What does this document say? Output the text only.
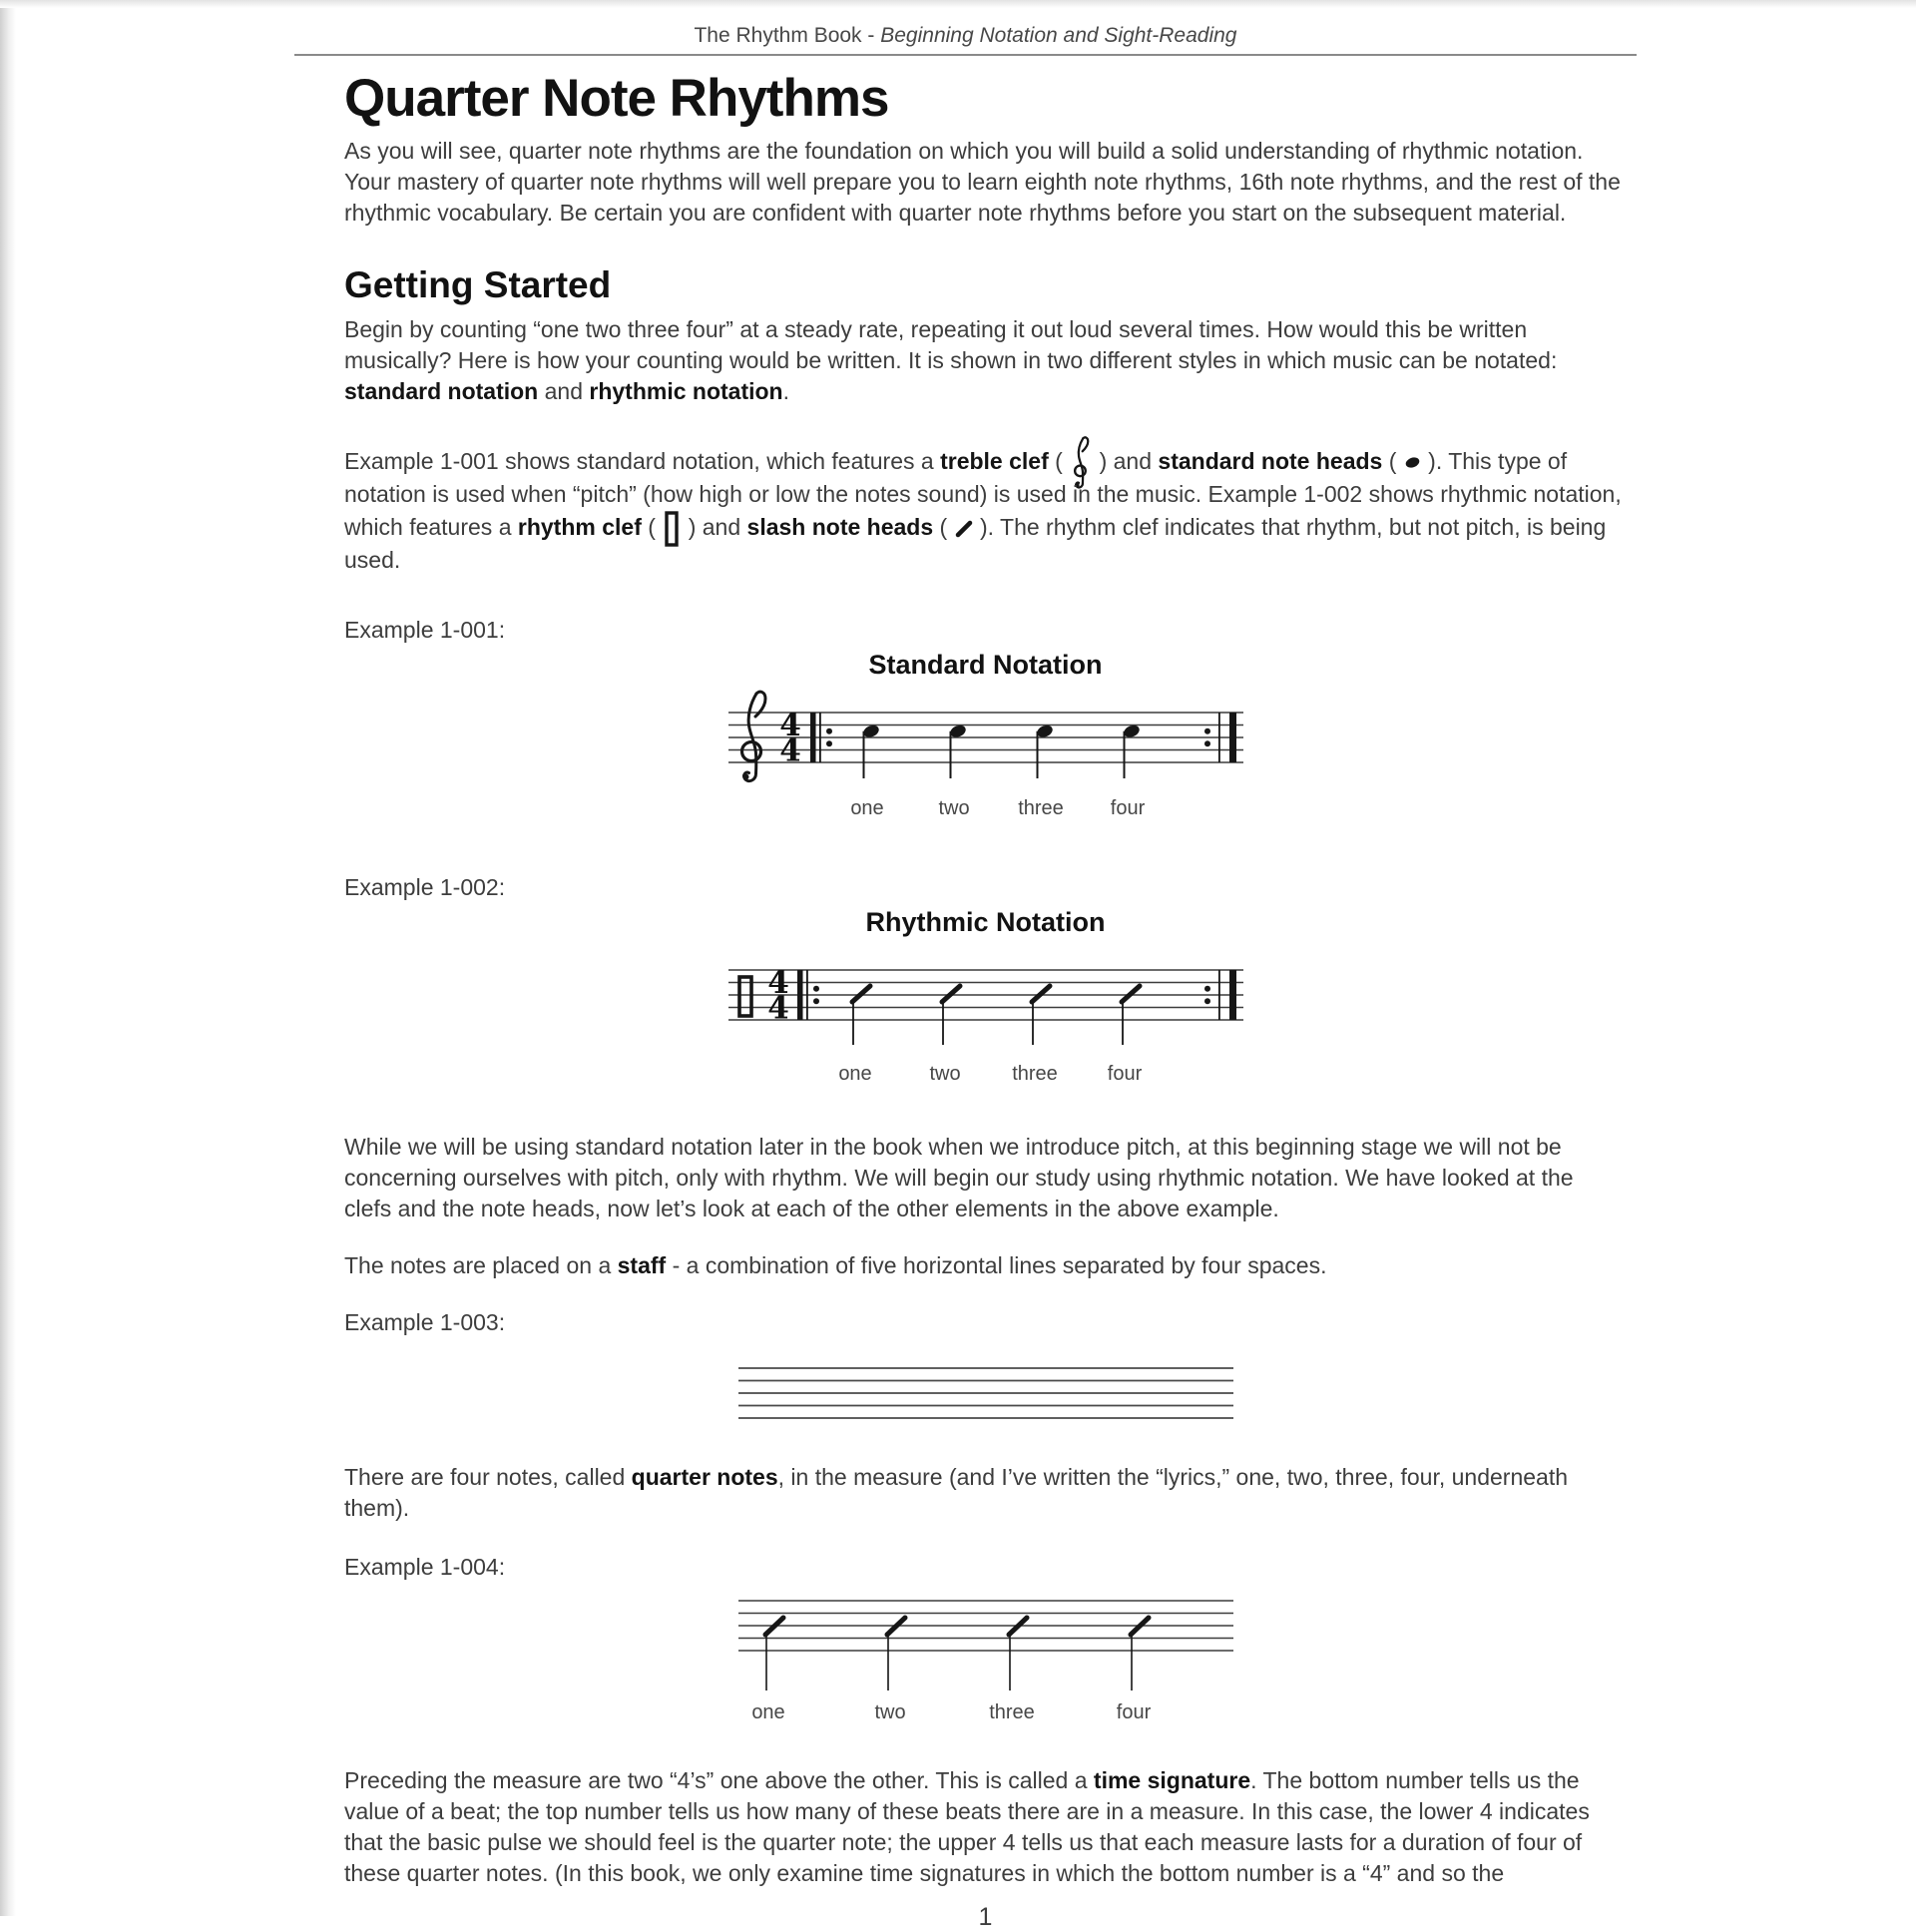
The Rhythm Book - Beginning Notation and Sight-Reading
Quarter Note Rhythms

As you will see, quarter note rhythms are the foundation on which you will build a solid understanding of rhythmic notation. Your mastery of quarter note rhythms will well prepare you to learn eighth note rhythms, 16th note rhythms, and the rest of the rhythmic vocabulary. Be certain you are confident with quarter note rhythms before you start on the subsequent material.

Getting Started

Begin by counting “one two three four” at a steady rate, repeating it out loud several times. How would this be written musically? Here is how your counting would be written. It is shown in two different styles in which music can be notated: standard notation and rhythmic notation.

Example 1-001 shows standard notation, which features a treble clef (
) and standard note heads (
). This type of notation is used when “pitch” (how high or low the notes sound) is used in the music. Example 1-002 shows rhythmic notation, which features a rhythm clef (
) and slash note heads (
). The rhythm clef indicates that rhythm, but not pitch, is being used.

Example 1-001:
Standard Notation
4
4
one	two three four
Example 1-002:
Rhythmic Notation
4
4
one	two	three four

While we will be using standard notation later in the book when we introduce pitch, at this beginning stage we will not be concerning ourselves with pitch, only with rhythm. We will begin our study using rhythmic notation. We have looked at the clefs and the note heads, now let’s look at each of the other elements in the above example.

The notes are placed on a staff - a combination of five horizontal lines separated by four spaces.

Example 1-003:

There are four notes, called quarter notes, in the measure (and I’ve written the “lyrics,” one, two, three, four, underneath them).

Example 1-004:
one	two	three	four

Preceding the measure are two “4’s” one above the other. This is called a time signature. The bottom number tells us the value of a beat; the top number tells us how many of these beats there are in a measure. In this case, the lower 4 indicates that the basic pulse we should feel is the quarter note; the upper 4 tells us that each measure lasts for a duration of four of these quarter notes. (In this book, we only examine time signatures in which the bottom number is a “4” and so the

1
